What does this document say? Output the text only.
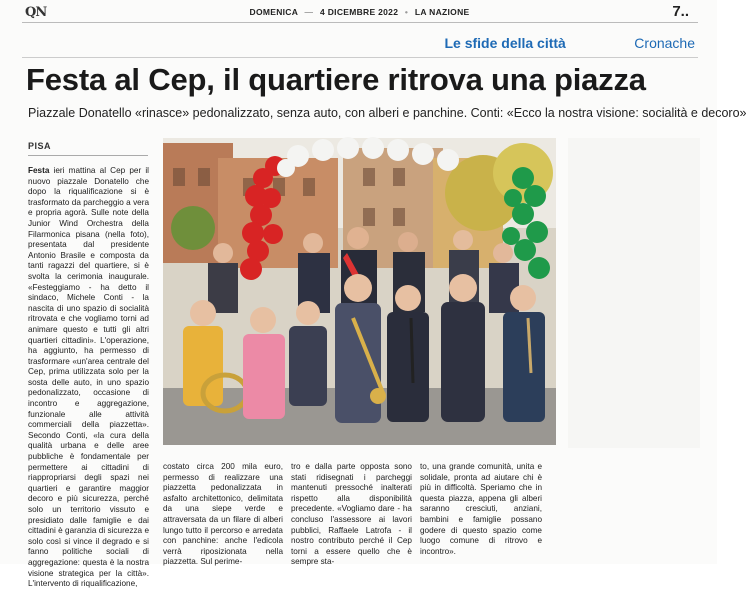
QN	DOMENICA — 4 DICEMBRE 2022 • LA NAZIONE	7..
Le sfide della città	Cronache
Festa al Cep, il quartiere ritrova una piazza
Piazzale Donatello «rinasce» pedonalizzato, senza auto, con alberi e panchine. Conti: «Ecco la nostra visione: socialità e decoro»
PISA
Festa ieri mattina al Cep per il nuovo piazzale Donatello che dopo la riqualificazione si è trasformato da parcheggio a vera e propria agorà. Sulle note della Junior Wind Orchestra della Filarmonica pisana (nella foto), presentata dal presidente Antonio Brasile e composta da tanti ragazzi del quartiere, si è svolta la cerimonia inaugurale. «Festeggiamo - ha detto il sindaco, Michele Conti - la nascita di uno spazio di socialità ritrovata e che vogliamo torni ad animare questo e tutti gli altri quartieri cittadini». L'operazione, ha aggiunto, ha permesso di trasformare «un'area centrale del Cep, prima utilizzata solo per la sosta delle auto, in uno spazio pedonalizzato, occasione di incontro e aggregazione, funzionale alle attività commerciali della piazzetta». Secondo Conti, «la cura della qualità urbana e delle aree pubbliche è fondamentale per permettere ai cittadini di riappropriarsi degli spazi nei quartieri e garantire maggior decoro e più sicurezza, perché solo un territorio vissuto e presidiato dalle famiglie e dai cittadini è garanzia di sicurezza e solo così si vince il degrado e si fanno politiche sociali di aggregazione: questa è la nostra visione strategica per la città». L'intervento di riqualificazione,
costato circa 200 mila euro, permesso di realizzare una piazzetta pedonalizzata in asfalto architettonico, delimitata da una siepe verde e attraversata da un filare di alberi lungo tutto il percorso e arredata con panchine: anche l'edicola verrà riposizionata nella piazzetta. Sul perime-
tro e dalla parte opposta sono stati ridisegnati i parcheggi mantenuti pressoché inalterati rispetto alla disponibilità precedente. «Vogliamo dare - ha concluso l'assessore ai lavori pubblici, Raffaele Latrofa - il nostro contributo perché il Cep torni a essere quello che è sempre sta-
to, una grande comunità, unita e solidale, pronta ad aiutare chi è più in difficoltà. Speriamo che in questa piazza, appena gli alberi saranno cresciuti, anziani, bambini e famiglie possano godere di questo spazio come luogo comune di ritrovo e incontro».
